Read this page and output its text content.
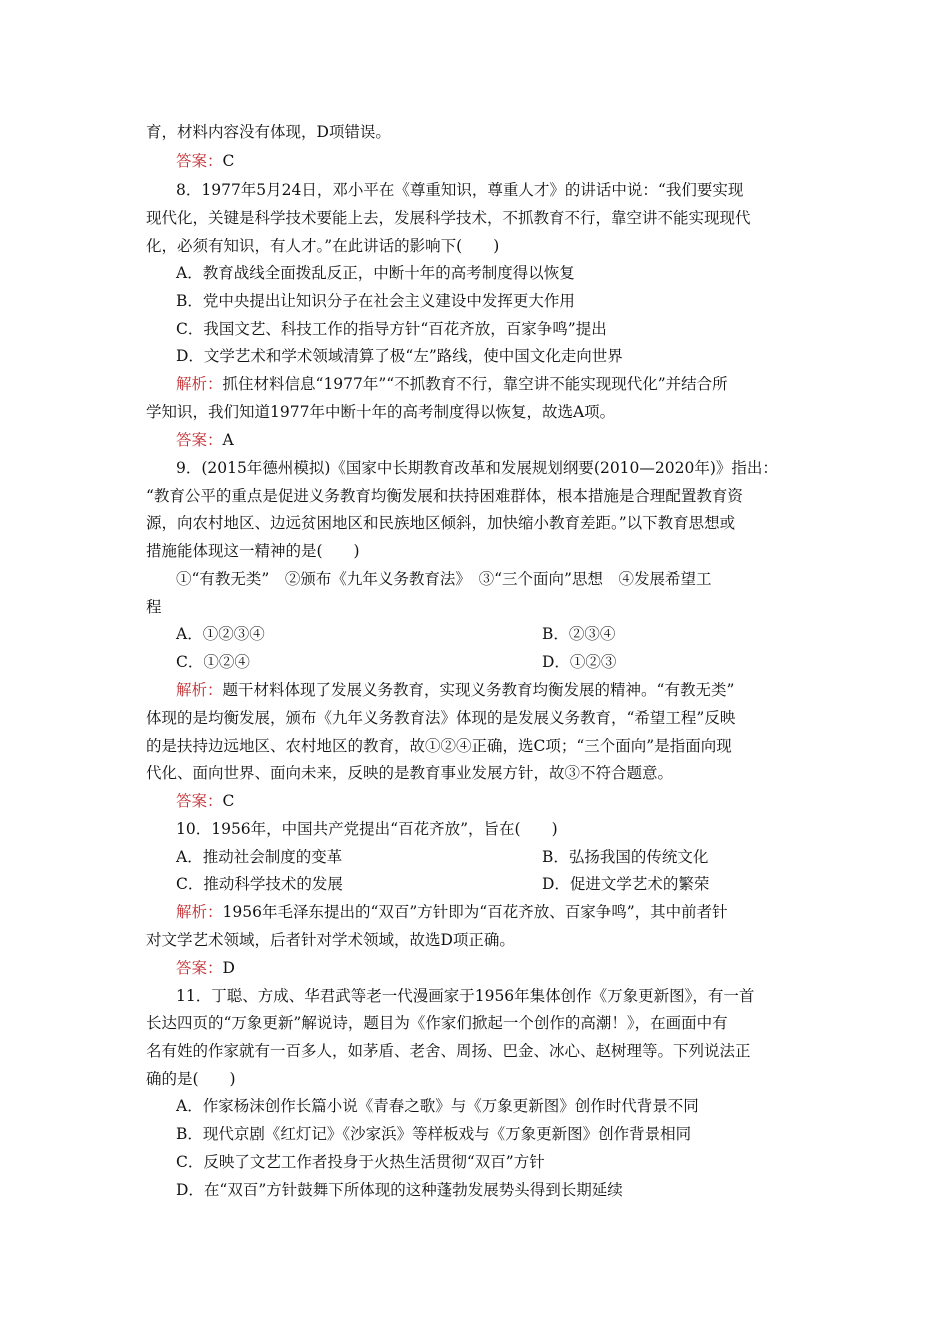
育，材料内容没有体现，D项错误。
答案：C
8．1977年5月24日，邓小平在《尊重知识，尊重人才》的讲话中说：“我们要实现
现代化，关键是科学技术要能上去，发展科学技术，不抓教育不行，靠空讲不能实现现代
化，必须有知识，有人才。”在此讲话的影响下(　　)
A．教育战线全面拨乱反正，中断十年的高考制度得以恢复
B．党中央提出让知识分子在社会主义建设中发挥更大作用
C．我国文艺、科技工作的指导方针“百花齐放，百家争鸣”提出
D．文学艺术和学术领域清算了极“左”路线，使中国文化走向世界
解析：抓住材料信息“1977年”“不抓教育不行，靠空讲不能实现现代化”并结合所
学知识，我们知道1977年中断十年的高考制度得以恢复，故选A项。
答案：A
9．(2015年德州模拟)《国家中长期教育改革和发展规划纲要(2010—2020年)》指出：
“教育公平的重点是促进义务教育均衡发展和扶持困难群体，根本措施是合理配置教育资
源，向农村地区、边远贫困地区和民族地区倾斜，加快缩小教育差距。”以下教育思想或
措施能体现这一精神的是(　　)
①“有教无类”　②颁布《九年义务教育法》　③“三个面向”思想　④发展希望工
程
A．①②③④	B．②③④
C．①②④	D．①②③
解析：题干材料体现了发展义务教育，实现义务教育均衡发展的精神。“有教无类”
体现的是均衡发展，颁布《九年义务教育法》体现的是发展义务教育，“希望工程”反映
的是扶持边远地区、农村地区的教育，故①②④正确，选C项；“三个面向”是指面向现
代化、面向世界、面向未来，反映的是教育事业发展方针，故③不符合题意。
答案：C
10．1956年，中国共产党提出“百花齐放”，旨在(　　)
A．推动社会制度的变革	B．弘扬我国的传统文化
C．推动科学技术的发展	D．促进文学艺术的繁荣
解析：1956年毛泽东提出的“双百”方针即为“百花齐放、百家争鸣”，其中前者针
对文学艺术领域，后者针对学术领域，故选D项正确。
答案：D
11．丁聪、方成、华君武等老一代漫画家于1956年集体创作《万象更新图》，有一首
长达四页的“万象更新”解说诗，题目为《作家们掀起一个创作的高潮！》，在画面中有
名有姓的作家就有一百多人，如茅盾、老舍、周扬、巴金、冰心、赵树理等。下列说法正
确的是(　　)
A．作家杨沫创作长篇小说《青春之歌》与《万象更新图》创作时代背景不同
B．现代京剧《红灯记》《沙家浜》等样板戏与《万象更新图》创作背景相同
C．反映了文艺工作者投身于火热生活贯彻“双百”方针
D．在“双百”方针鼓舞下所体现的这种蓬勃发展势头得到长期延续
